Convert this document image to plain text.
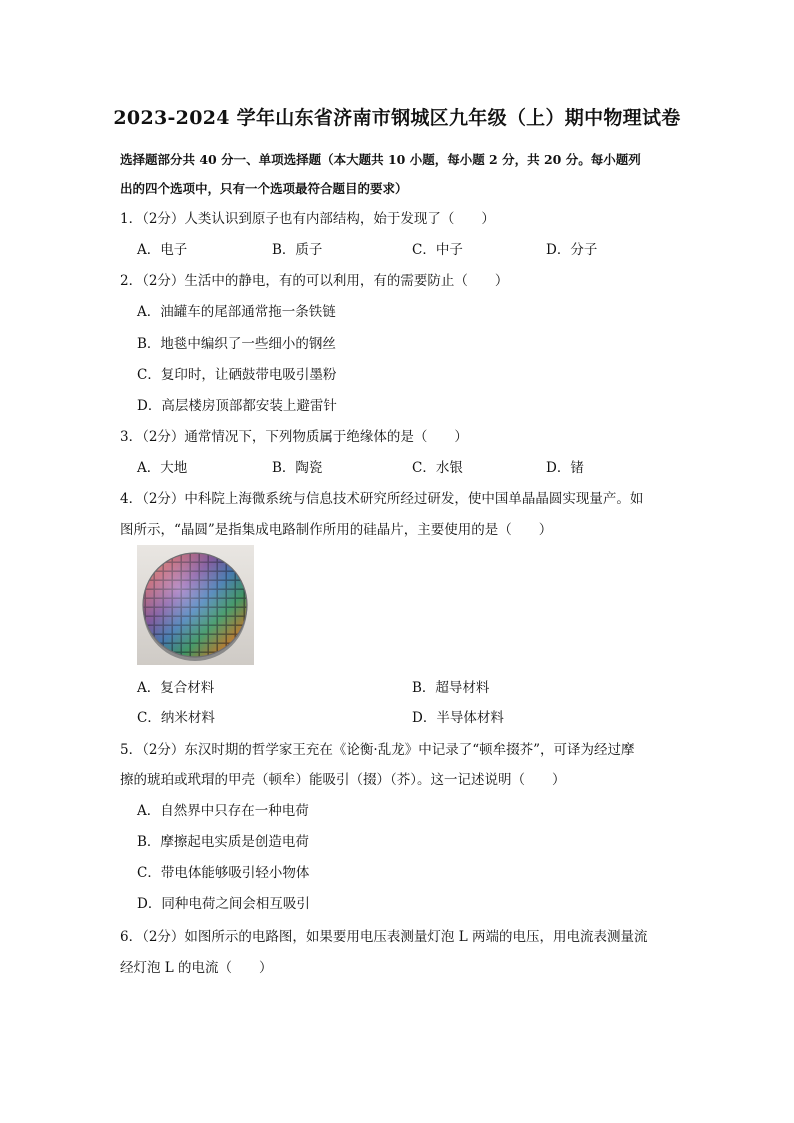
2023-2024 学年山东省济南市钢城区九年级（上）期中物理试卷
选择题部分共 40 分一、单项选择题（本大题共 10 小题，每小题 2 分，共 20 分。每小题列
出的四个选项中，只有一个选项最符合题目的要求）
1．（2分）人类认识到原子也有内部结构，始于发现了（　　）
A．电子	B．质子	C．中子	D．分子
2．（2分）生活中的静电，有的可以利用，有的需要防止（　　）
A．油罐车的尾部通常拖一条铁链
B．地毯中编织了一些细小的钢丝
C．复印时，让硒鼓带电吸引墨粉
D．高层楼房顶部都安装上避雷针
3．（2分）通常情况下，下列物质属于绝缘体的是（　　）
A．大地	B．陶瓷	C．水银	D．锗
4．（2分）中科院上海微系统与信息技术研究所经过研发，使中国单晶晶圆实现量产。如
图所示，“晶圆”是指集成电路制作所用的硅晶片，主要使用的是（　　）
A．复合材料	B．超导材料
C．纳米材料	D．半导体材料
5．（2分）东汉时期的哲学家王充在《论衡·乱龙》中记录了“顿牟掇芥”，可译为经过摩
擦的琥珀或玳瑁的甲壳（顿牟）能吸引（掇）（芥）。这一记述说明（　　）
A．自然界中只存在一种电荷
B．摩擦起电实质是创造电荷
C．带电体能够吸引轻小物体
D．同种电荷之间会相互吸引
6．（2分）如图所示的电路图，如果要用电压表测量灯泡 L 两端的电压，用电流表测量流
经灯泡 L 的电流（　　）
